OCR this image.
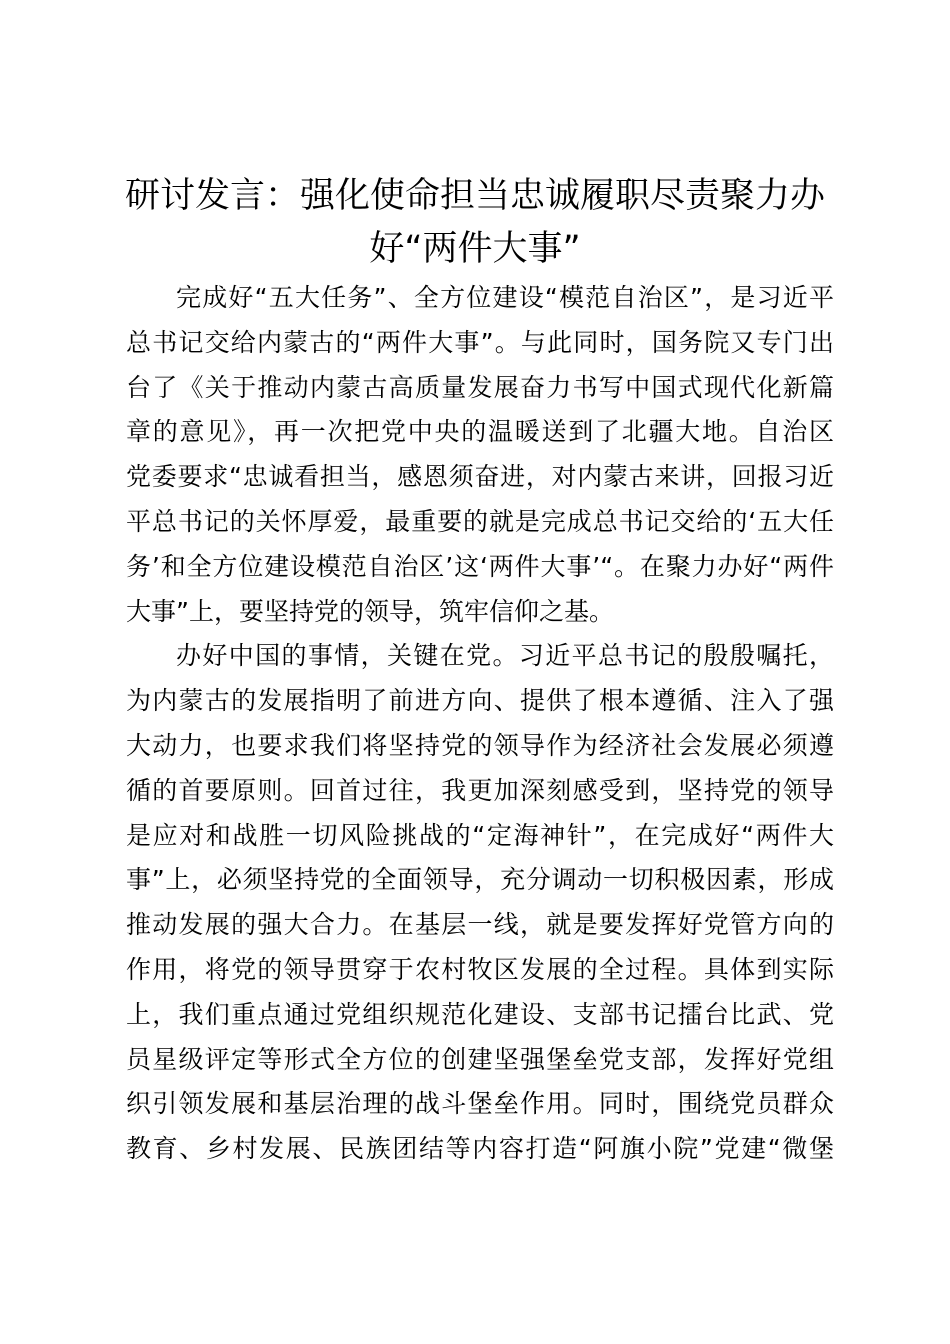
研讨发言：强化使命担当忠诚履职尽责聚力办
好“两件大事”

完成好“五大任务”、全方位建设“模范自治区”，是习近平
总书记交给内蒙古的“两件大事”。与此同时，国务院又专门出
台了《关于推动内蒙古高质量发展奋力书写中国式现代化新篇
章的意见》，再一次把党中央的温暖送到了北疆大地。自治区
党委要求“忠诚看担当，感恩须奋进，对内蒙古来讲，回报习近
平总书记的关怀厚爱，最重要的就是完成总书记交给的‘五大任
务’和全方位建设模范自治区’这‘两件大事’“。在聚力办好“两件
大事”上，要坚持党的领导，筑牢信仰之基。

办好中国的事情，关键在党。习近平总书记的殷殷嘱托，
为内蒙古的发展指明了前进方向、提供了根本遵循、注入了强
大动力，也要求我们将坚持党的领导作为经济社会发展必须遵
循的首要原则。回首过往，我更加深刻感受到，坚持党的领导
是应对和战胜一切风险挑战的“定海神针”，在完成好“两件大
事”上，必须坚持党的全面领导，充分调动一切积极因素，形成
推动发展的强大合力。在基层一线，就是要发挥好党管方向的
作用，将党的领导贯穿于农村牧区发展的全过程。具体到实际
上，我们重点通过党组织规范化建设、支部书记擂台比武、党
员星级评定等形式全方位的创建坚强堡垒党支部，发挥好党组
织引领发展和基层治理的战斗堡垒作用。同时，围绕党员群众
教育、乡村发展、民族团结等内容打造“阿旗小院”党建“微堡
